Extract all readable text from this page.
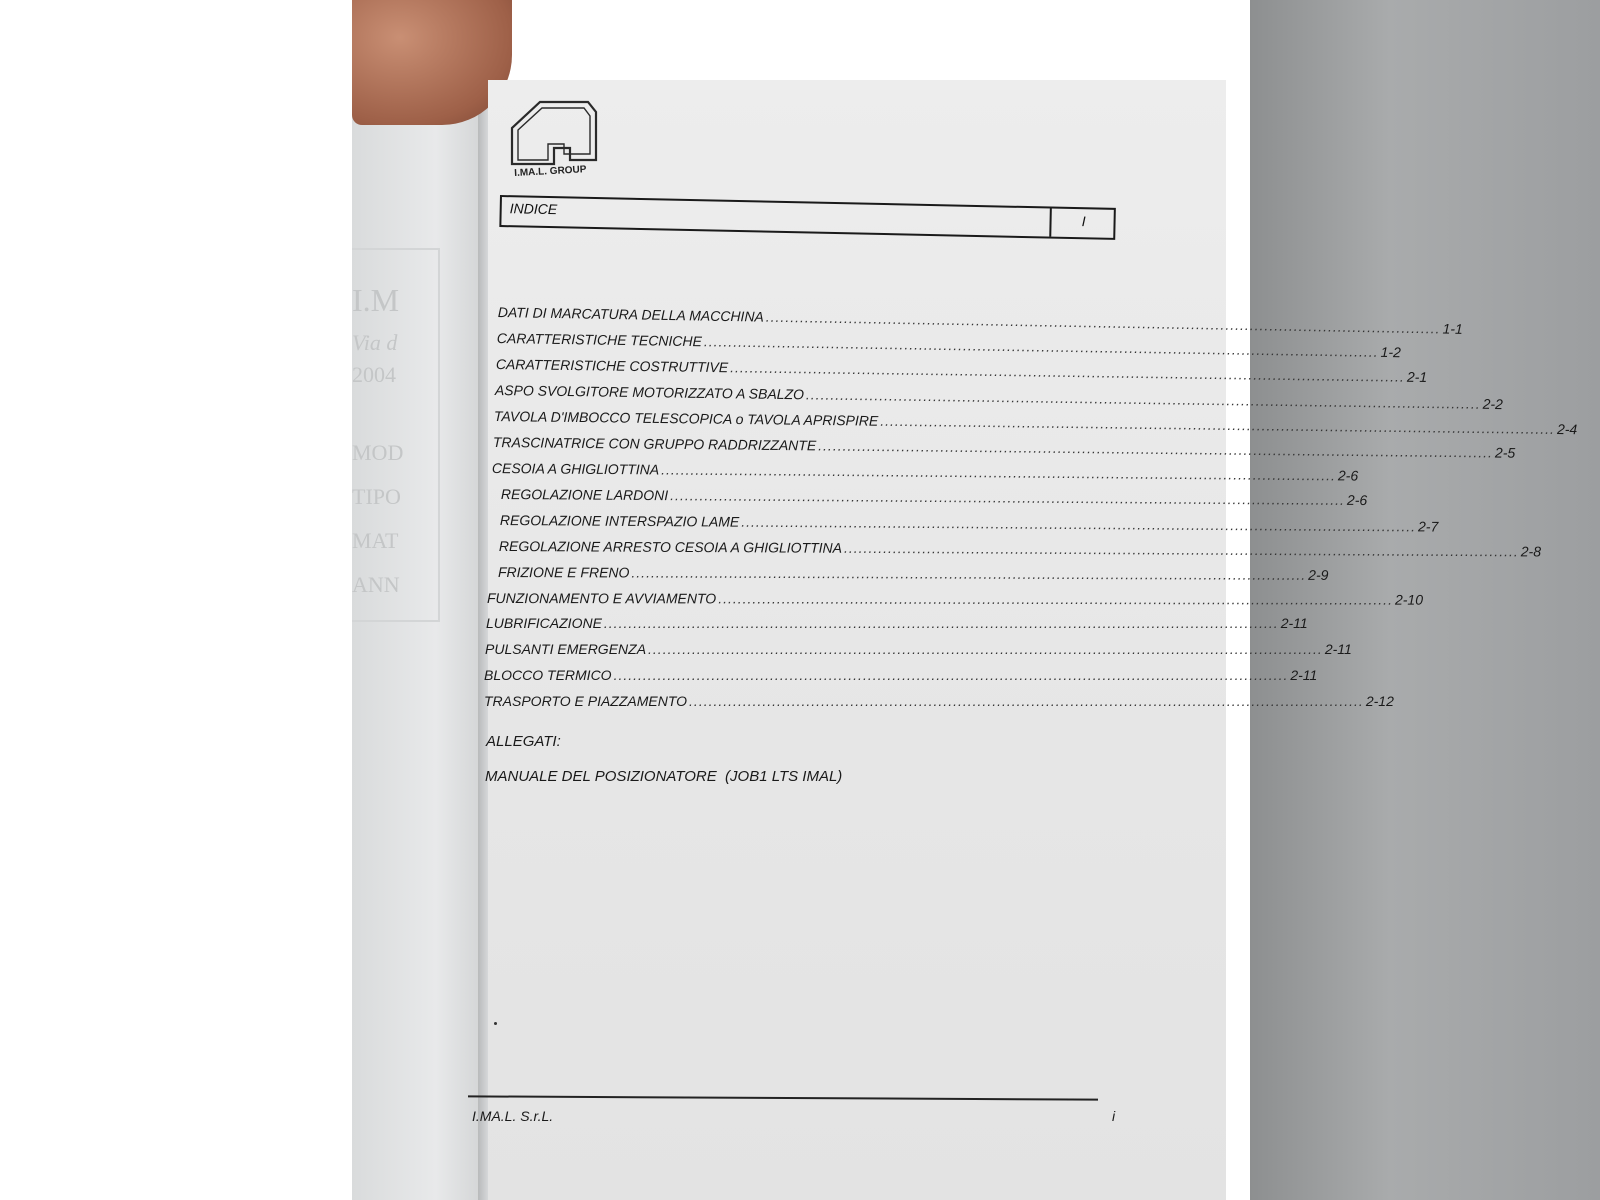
I.M
Via d
2004
MOD
TIPO
MAT
ANN
I.MA.L. GROUP
INDICE
I
DATI DI MARCATURA DELLA MACCHINA .......................................................................................................................................... 1-1
CARATTERISTICHE TECNICHE .......................................................................................................................................... 1-2
CARATTERISTICHE COSTRUTTIVE .......................................................................................................................................... 2-1
ASPO SVOLGITORE MOTORIZZATO A SBALZO .......................................................................................................................................... 2-2
TAVOLA D'IMBOCCO TELESCOPICA o TAVOLA APRISPIRE .......................................................................................................................................... 2-4
TRASCINATRICE CON GRUPPO RADDRIZZANTE .......................................................................................................................................... 2-5
CESOIA A GHIGLIOTTINA .......................................................................................................................................... 2-6
REGOLAZIONE LARDONI .......................................................................................................................................... 2-6
REGOLAZIONE INTERSPAZIO LAME .......................................................................................................................................... 2-7
REGOLAZIONE ARRESTO CESOIA A GHIGLIOTTINA .......................................................................................................................................... 2-8
FRIZIONE E FRENO .......................................................................................................................................... 2-9
FUNZIONAMENTO E AVVIAMENTO .......................................................................................................................................... 2-10
LUBRIFICAZIONE .......................................................................................................................................... 2-11
PULSANTI EMERGENZA .......................................................................................................................................... 2-11
BLOCCO TERMICO .......................................................................................................................................... 2-11
TRASPORTO E PIAZZAMENTO .......................................................................................................................................... 2-12
ALLEGATI:
MANUALE DEL POSIZIONATORE  (JOB1 LTS IMAL)
I.MA.L. S.r.L.	i
